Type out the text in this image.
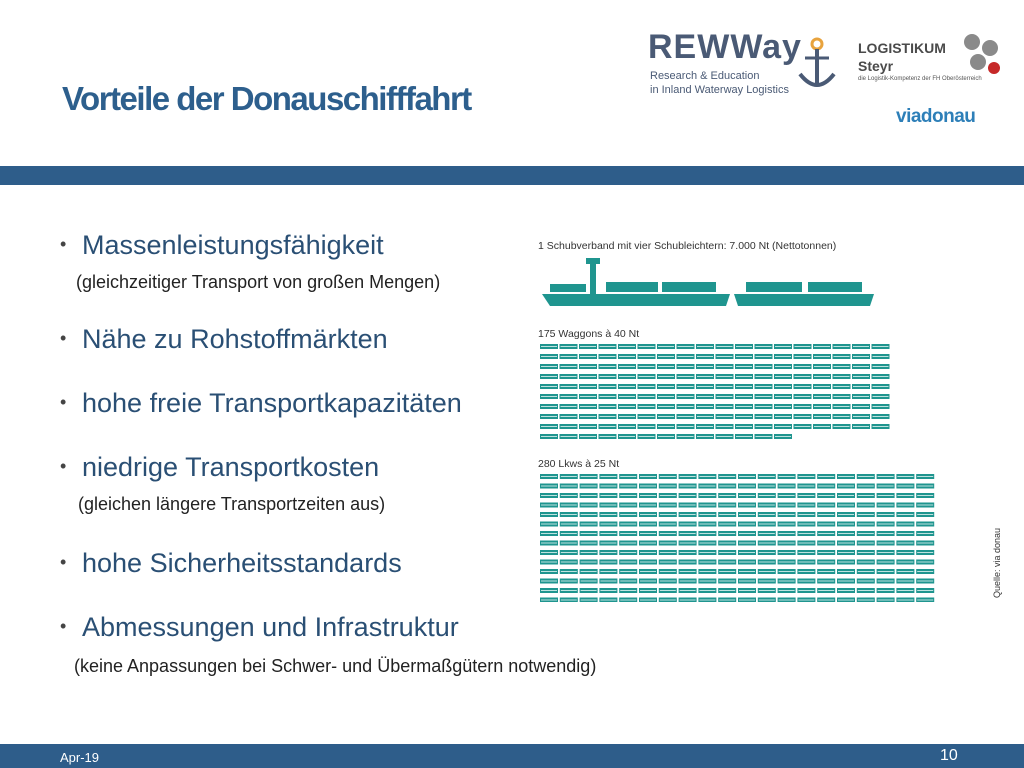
Vorteile der Donauschifffahrt
REWWay
Research & Education
in Inland Waterway Logistics
LOGISTIKUM
Steyr
die Logistik-Kompetenz der FH Oberösterreich
viadonau
• Massenleistungsfähigkeit
(gleichzeitiger Transport von großen Mengen)
• Nähe zu Rohstoffmärkten
• hohe freie Transportkapazitäten
• niedrige Transportkosten
(gleichen längere Transportzeiten aus)
• hohe Sicherheitsstandards
• Abmessungen und Infrastruktur
(keine Anpassungen bei Schwer- und Übermaßgütern notwendig)
1 Schubverband mit vier Schubleichtern: 7.000 Nt (Nettotonnen)
175 Waggons à 40 Nt
280 Lkws à 25 Nt
Quelle: via donau
Apr-19	10
